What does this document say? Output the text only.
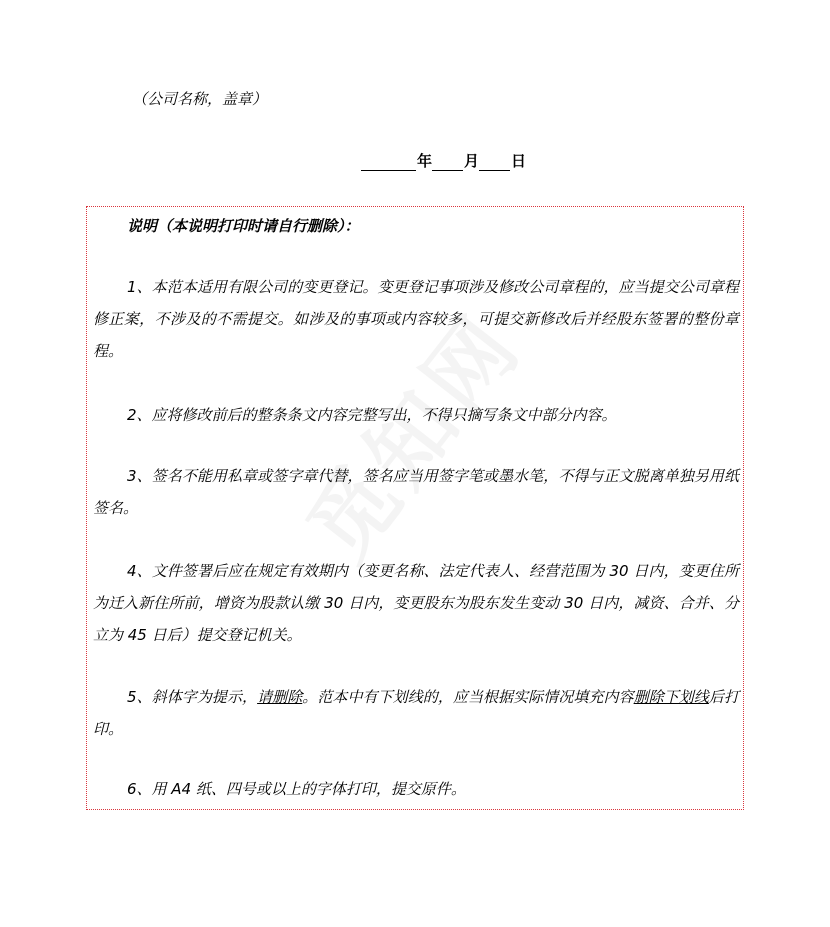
（公司名称，盖章）
年 月 日
说明（本说明打印时请自行删除）：

1、本范本适用有限公司的变更登记。变更登记事项涉及修改公司章程的，应当提交公司章程修正案，不涉及的不需提交。如涉及的事项或内容较多，可提交新修改后并经股东签署的整份章程。

2、应将修改前后的整条条文内容完整写出，不得只摘写条文中部分内容。

3、签名不能用私章或签字章代替，签名应当用签字笔或墨水笔，不得与正文脱离单独另用纸签名。

4、文件签署后应在规定有效期内（变更名称、法定代表人、经营范围为 30 日内，变更住所为迁入新住所前，增资为股款认缴 30 日内，变更股东为股东发生变动 30 日内，减资、合并、分立为 45 日后）提交登记机关。

5、斜体字为提示，请删除。范本中有下划线的，应当根据实际情况填充内容删除下划线后打印。

6、用 A4 纸、四号或以上的字体打印，提交原件。
